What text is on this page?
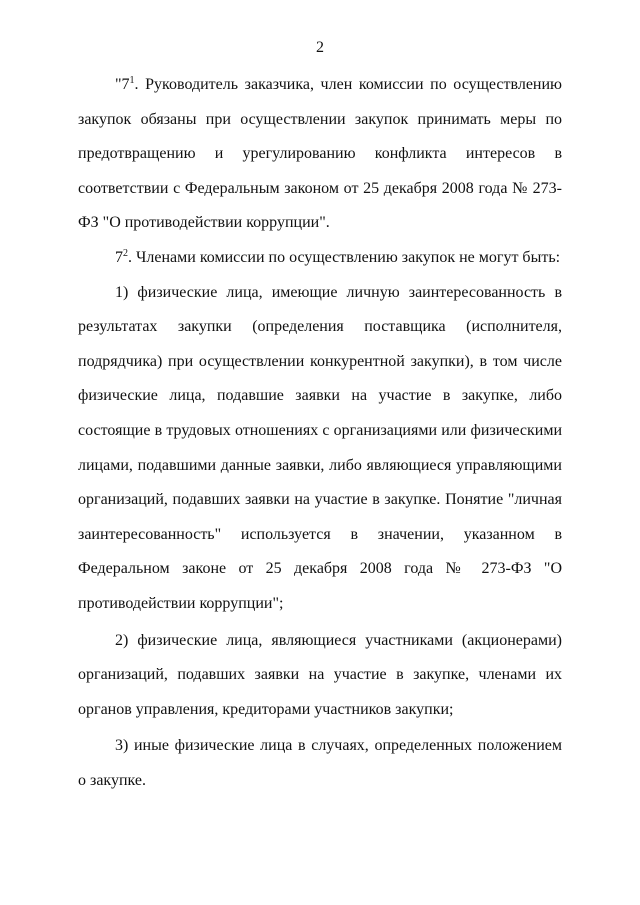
2

"$7^1$. Руководитель заказчика, член комиссии по осуществлению закупок обязаны при осуществлении закупок принимать меры по предотвращению и урегулированию конфликта интересов в соответствии с Федеральным законом от 25 декабря 2008 года № 273-ФЗ "О противодействии коррупции".

$7^2$. Членами комиссии по осуществлению закупок не могут быть:

1) физические лица, имеющие личную заинтересованность в результатах закупки (определения поставщика (исполнителя, подрядчика) при осуществлении конкурентной закупки), в том числе физические лица, подавшие заявки на участие в закупке, либо состоящие в трудовых отношениях с организациями или физическими лицами, подавшими данные заявки, либо являющиеся управляющими организаций, подавших заявки на участие в закупке. Понятие "личная заинтересованность" используется в значении, указанном в Федеральном законе от 25 декабря 2008 года № 273-ФЗ "О противодействии коррупции";

2) физические лица, являющиеся участниками (акционерами) организаций, подавших заявки на участие в закупке, членами их органов управления, кредиторами участников закупки;

3) иные физические лица в случаях, определенных положением о закупке.
